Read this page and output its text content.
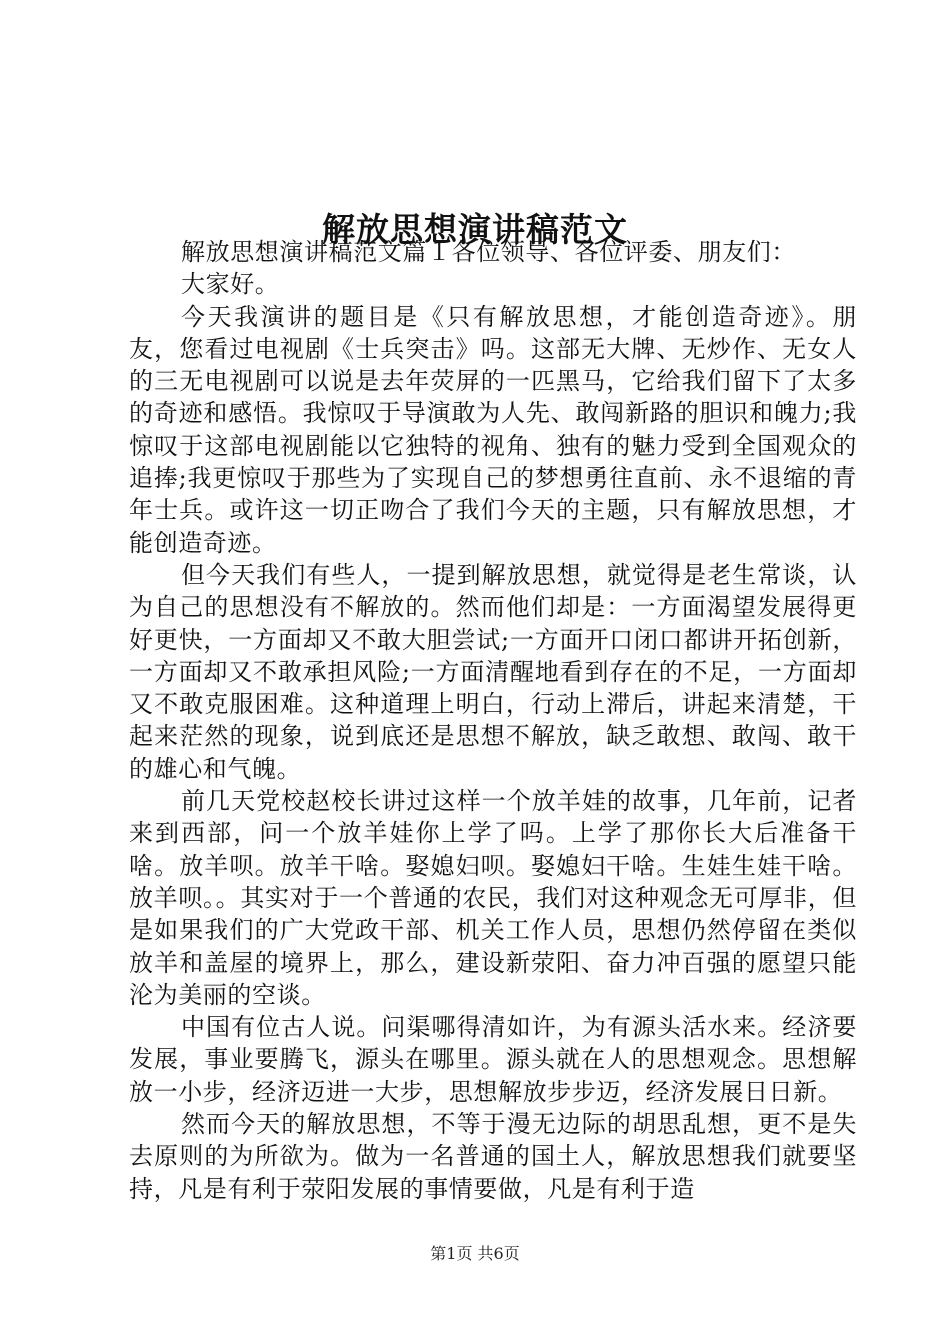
解放思想演讲稿范文

解放思想演讲稿范文篇１各位领导、各位评委、朋友们：

大家好。

今天我演讲的题目是《只有解放思想，才能创造奇迹》。朋友，您看过电视剧《士兵突击》吗。这部无大牌、无炒作、无女人的三无电视剧可以说是去年荧屏的一匹黑马，它给我们留下了太多的奇迹和感悟。我惊叹于导演敢为人先、敢闯新路的胆识和魄力;我惊叹于这部电视剧能以它独特的视角、独有的魅力受到全国观众的追捧;我更惊叹于那些为了实现自己的梦想勇往直前、永不退缩的青年士兵。或许这一切正吻合了我们今天的主题，只有解放思想，才能创造奇迹。

但今天我们有些人，一提到解放思想，就觉得是老生常谈，认为自己的思想没有不解放的。然而他们却是：一方面渴望发展得更好更快，一方面却又不敢大胆尝试;一方面开口闭口都讲开拓创新，一方面却又不敢承担风险;一方面清醒地看到存在的不足，一方面却又不敢克服困难。这种道理上明白，行动上滞后，讲起来清楚，干起来茫然的现象，说到底还是思想不解放，缺乏敢想、敢闯、敢干的雄心和气魄。

前几天党校赵校长讲过这样一个放羊娃的故事，几年前，记者来到西部，问一个放羊娃你上学了吗。上学了那你长大后准备干啥。放羊呗。放羊干啥。娶媳妇呗。娶媳妇干啥。生娃生娃干啥。放羊呗。。其实对于一个普通的农民，我们对这种观念无可厚非，但是如果我们的广大党政干部、机关工作人员，思想仍然停留在类似放羊和盖屋的境界上，那么，建设新荥阳、奋力冲百强的愿望只能沦为美丽的空谈。

中国有位古人说。问渠哪得清如许，为有源头活水来。经济要发展，事业要腾飞，源头在哪里。源头就在人的思想观念。思想解放一小步，经济迈进一大步，思想解放步步迈，经济发展日日新。

然而今天的解放思想，不等于漫无边际的胡思乱想，更不是失去原则的为所欲为。做为一名普通的国土人，解放思想我们就要坚持，凡是有利于荥阳发展的事情要做，凡是有利于造

第1页 共6页
